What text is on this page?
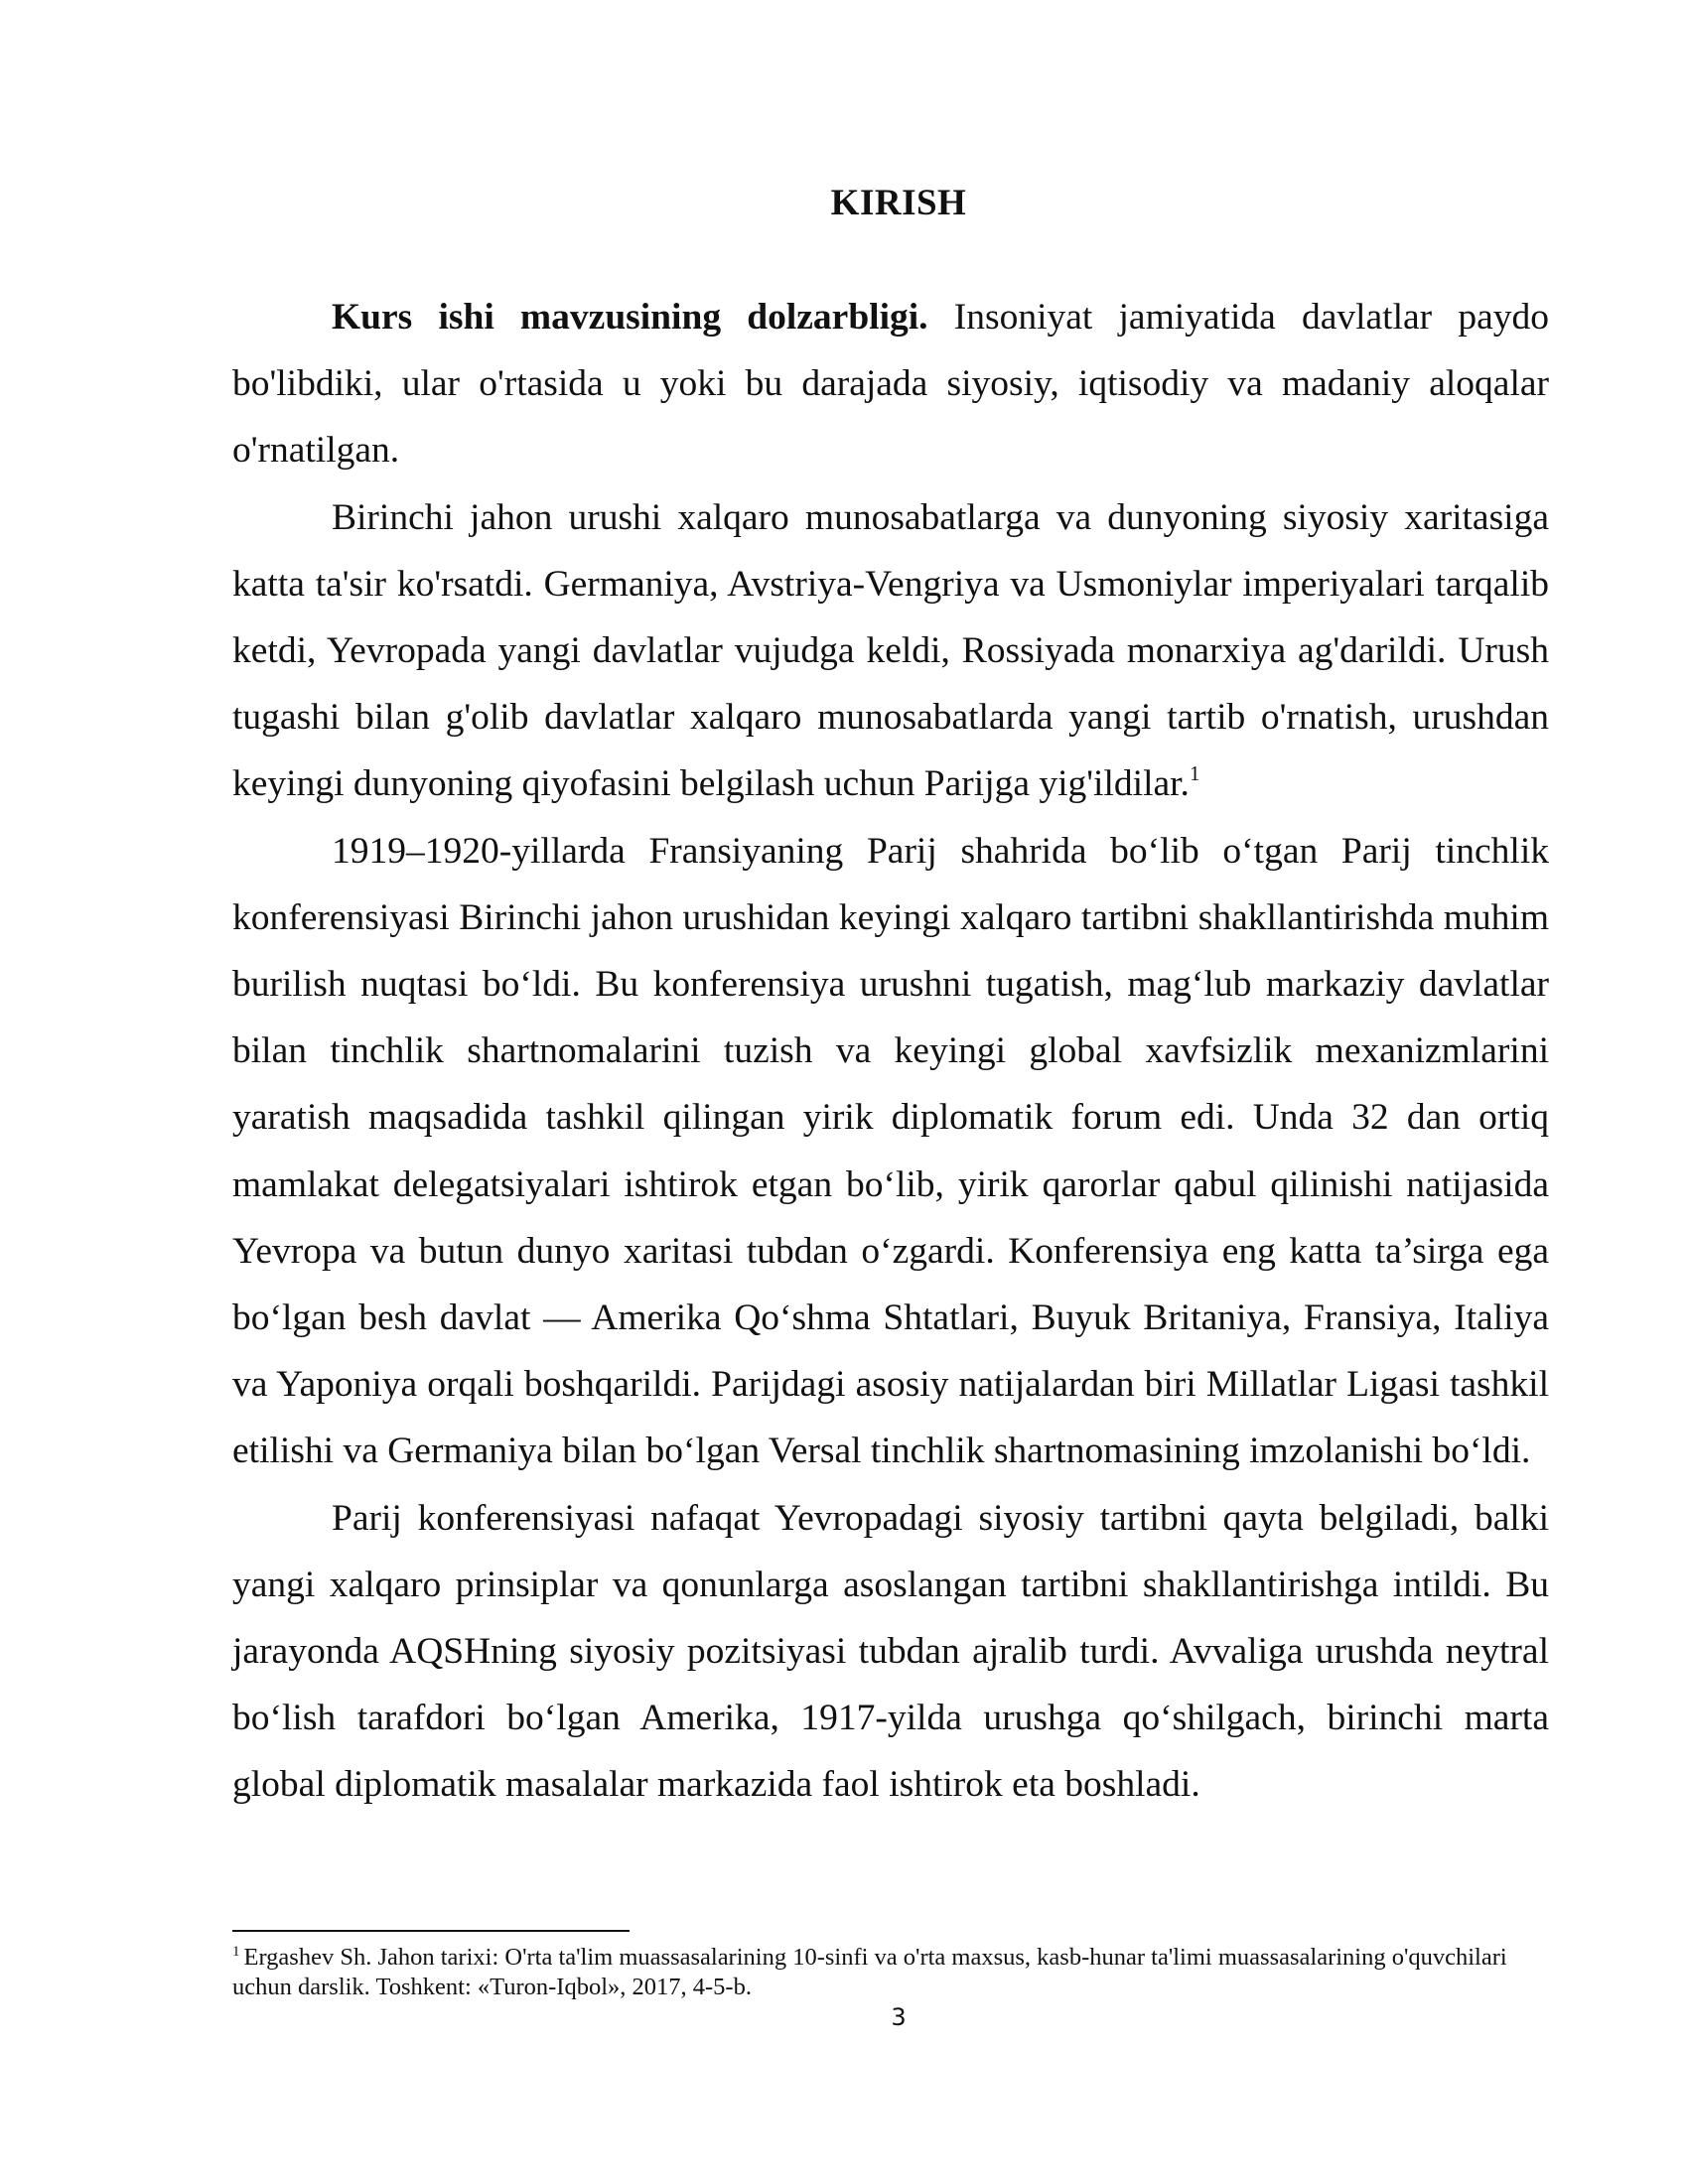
KIRISH

Kurs ishi mavzusining dolzarbligi. Insoniyat jamiyatida davlatlar paydo bo'libdiki, ular o'rtasida u yoki bu darajada siyosiy, iqtisodiy va madaniy aloqalar o'rnatilgan.

Birinchi jahon urushi xalqaro munosabatlarga va dunyoning siyosiy xaritasiga katta ta'sir ko'rsatdi. Germaniya, Avstriya-Vengriya va Usmoniylar imperiyalari tarqalib ketdi, Yevropada yangi davlatlar vujudga keldi, Rossiyada monarxiya ag'darildi. Urush tugashi bilan g'olib davlatlar xalqaro munosabatlarda yangi tartib o'rnatish, urushdan keyingi dunyoning qiyofasini belgilash uchun Parijga yig'ildilar.$^1$

1919–1920-yillarda Fransiyaning Parij shahrida bo‘lib o‘tgan Parij tinchlik konferensiyasi Birinchi jahon urushidan keyingi xalqaro tartibni shakllantirishda muhim burilish nuqtasi bo‘ldi. Bu konferensiya urushni tugatish, mag‘lub markaziy davlatlar bilan tinchlik shartnomalarini tuzish va keyingi global xavfsizlik mexanizmlarini yaratish maqsadida tashkil qilingan yirik diplomatik forum edi. Unda 32 dan ortiq mamlakat delegatsiyalari ishtirok etgan bo‘lib, yirik qarorlar qabul qilinishi natijasida Yevropa va butun dunyo xaritasi tubdan o‘zgardi. Konferensiya eng katta ta’sirga ega bo‘lgan besh davlat — Amerika Qo‘shma Shtatlari, Buyuk Britaniya, Fransiya, Italiya va Yaponiya orqali boshqarildi. Parijdagi asosiy natijalardan biri Millatlar Ligasi tashkil etilishi va Germaniya bilan bo‘lgan Versal tinchlik shartnomasining imzolanishi bo‘ldi.

Parij konferensiyasi nafaqat Yevropadagi siyosiy tartibni qayta belgiladi, balki yangi xalqaro prinsiplar va qonunlarga asoslangan tartibni shakllantirishga intildi. Bu jarayonda AQSHning siyosiy pozitsiyasi tubdan ajralib turdi. Avvaliga urushda neytral bo‘lish tarafdori bo‘lgan Amerika, 1917-yilda urushga qo‘shilgach, birinchi marta global diplomatik masalalar markazida faol ishtirok eta boshladi.

$^1$ Ergashev Sh. Jahon tarixi: O'rta ta'lim muassasalarining 10-sinfi va o'rta maxsus, kasb-hunar ta'limi muassasalarining o'quvchilari uchun darslik. Toshkent: «Turon-Iqbol», 2017, 4-5-b.
3
